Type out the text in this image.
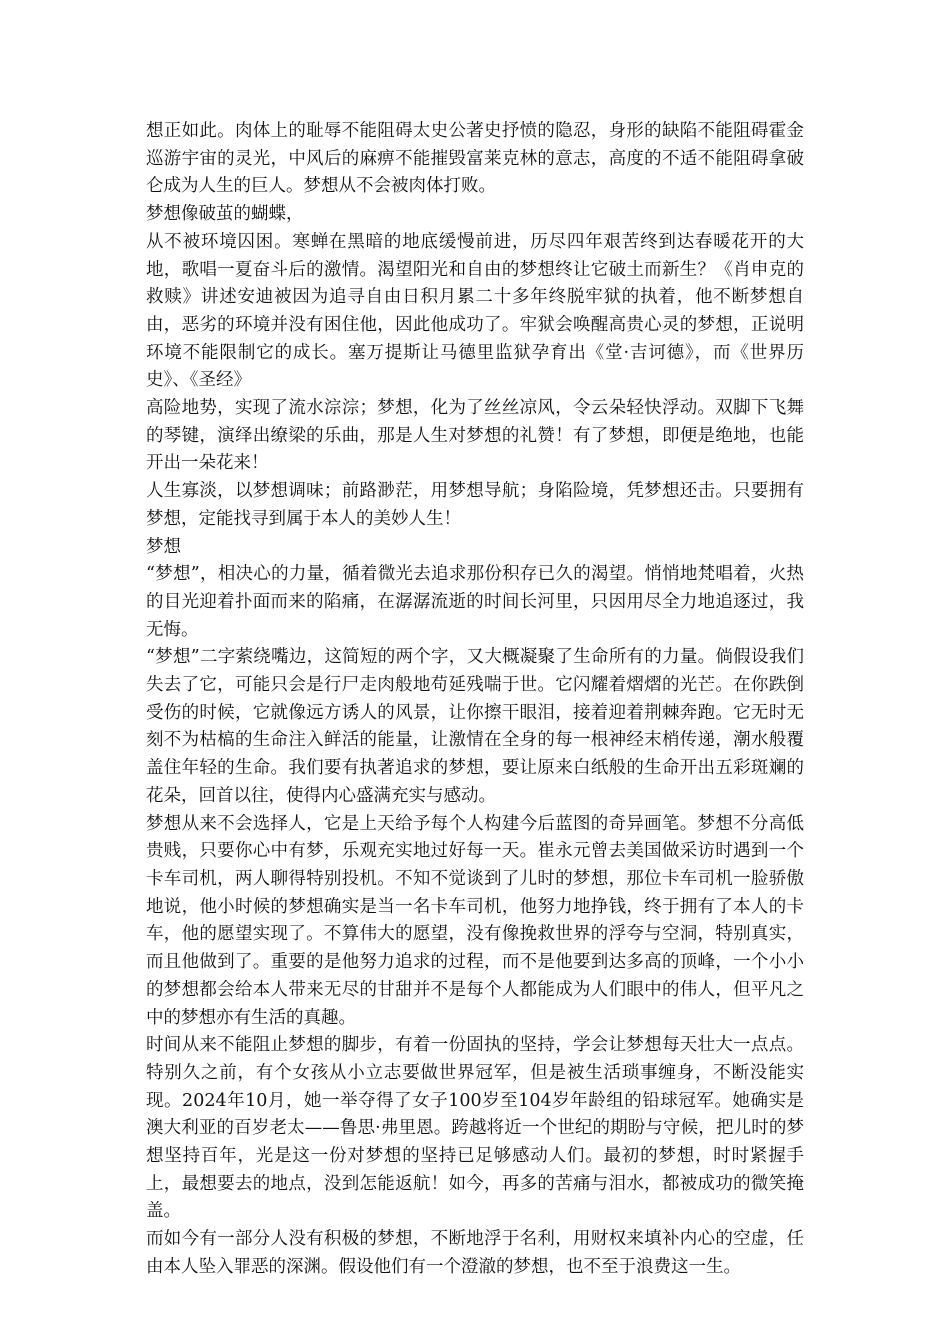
想正如此。肉体上的耻辱不能阻碍太史公著史抒愤的隐忍，身形的缺陷不能阻碍霍金巡游宇宙的灵光，中风后的麻痹不能摧毁富莱克林的意志，高度的不适不能阻碍拿破仑成为人生的巨人。梦想从不会被肉体打败。

梦想像破茧的蝴蝶，

从不被环境囚困。寒蝉在黑暗的地底缓慢前进，历尽四年艰苦终到达春暖花开的大地，歌唱一夏奋斗后的激情。渴望阳光和自由的梦想终让它破土而新生？《肖申克的救赎》讲述安迪被因为追寻自由日积月累二十多年终脱牢狱的执着，他不断梦想自由，恶劣的环境并没有困住他，因此他成功了。牢狱会唤醒高贵心灵的梦想，正说明环境不能限制它的成长。塞万提斯让马德里监狱孕育出《堂·吉诃德》，而《世界历史》、《圣经》

高险地势，实现了流水淙淙；梦想，化为了丝丝凉风，令云朵轻快浮动。双脚下飞舞的琴键，演绎出缭梁的乐曲，那是人生对梦想的礼赞！有了梦想，即便是绝地，也能开出一朵花来！

人生寡淡，以梦想调味；前路渺茫，用梦想导航；身陷险境，凭梦想还击。只要拥有梦想，定能找寻到属于本人的美妙人生！

梦想

“梦想”，相决心的力量，循着微光去追求那份积存已久的渴望。悄悄地梵唱着，火热的目光迎着扑面而来的陷痛，在潺潺流逝的时间长河里，只因用尽全力地追逐过，我无悔。

“梦想”二字萦绕嘴边，这简短的两个字，又大概凝聚了生命所有的力量。倘假设我们失去了它，可能只会是行尸走肉般地苟延残喘于世。它闪耀着熠熠的光芒。在你跌倒受伤的时候，它就像远方诱人的风景，让你擦干眼泪，接着迎着荆棘奔跑。它无时无刻不为枯槁的生命注入鲜活的能量，让激情在全身的每一根神经末梢传递，潮水般覆盖住年轻的生命。我们要有执著追求的梦想，要让原来白纸般的生命开出五彩斑斓的花朵，回首以往，使得内心盛满充实与感动。

梦想从来不会选择人，它是上天给予每个人构建今后蓝图的奇异画笔。梦想不分高低贵贱，只要你心中有梦，乐观充实地过好每一天。崔永元曾去美国做采访时遇到一个卡车司机，两人聊得特别投机。不知不觉谈到了儿时的梦想，那位卡车司机一脸骄傲地说，他小时候的梦想确实是当一名卡车司机，他努力地挣钱，终于拥有了本人的卡车，他的愿望实现了。不算伟大的愿望，没有像挽救世界的浮夸与空洞，特别真实，而且他做到了。重要的是他努力追求的过程，而不是他要到达多高的顶峰，一个小小的梦想都会给本人带来无尽的甘甜并不是每个人都能成为人们眼中的伟人，但平凡之中的梦想亦有生活的真趣。

时间从来不能阻止梦想的脚步，有着一份固执的坚持，学会让梦想每天壮大一点点。特别久之前，有个女孩从小立志要做世界冠军，但是被生活琐事缠身，不断没能实现。2024年10月，她一举夺得了女子100岁至104岁年龄组的铅球冠军。她确实是澳大利亚的百岁老太——鲁思·弗里恩。跨越将近一个世纪的期盼与守候，把儿时的梦想坚持百年，光是这一份对梦想的坚持已足够感动人们。最初的梦想，时时紧握手上，最想要去的地点，没到怎能返航！如今，再多的苦痛与泪水，都被成功的微笑掩盖。

而如今有一部分人没有积极的梦想，不断地浮于名利，用财权来填补内心的空虚，任由本人坠入罪恶的深渊。假设他们有一个澄澈的梦想，也不至于浪费这一生。
